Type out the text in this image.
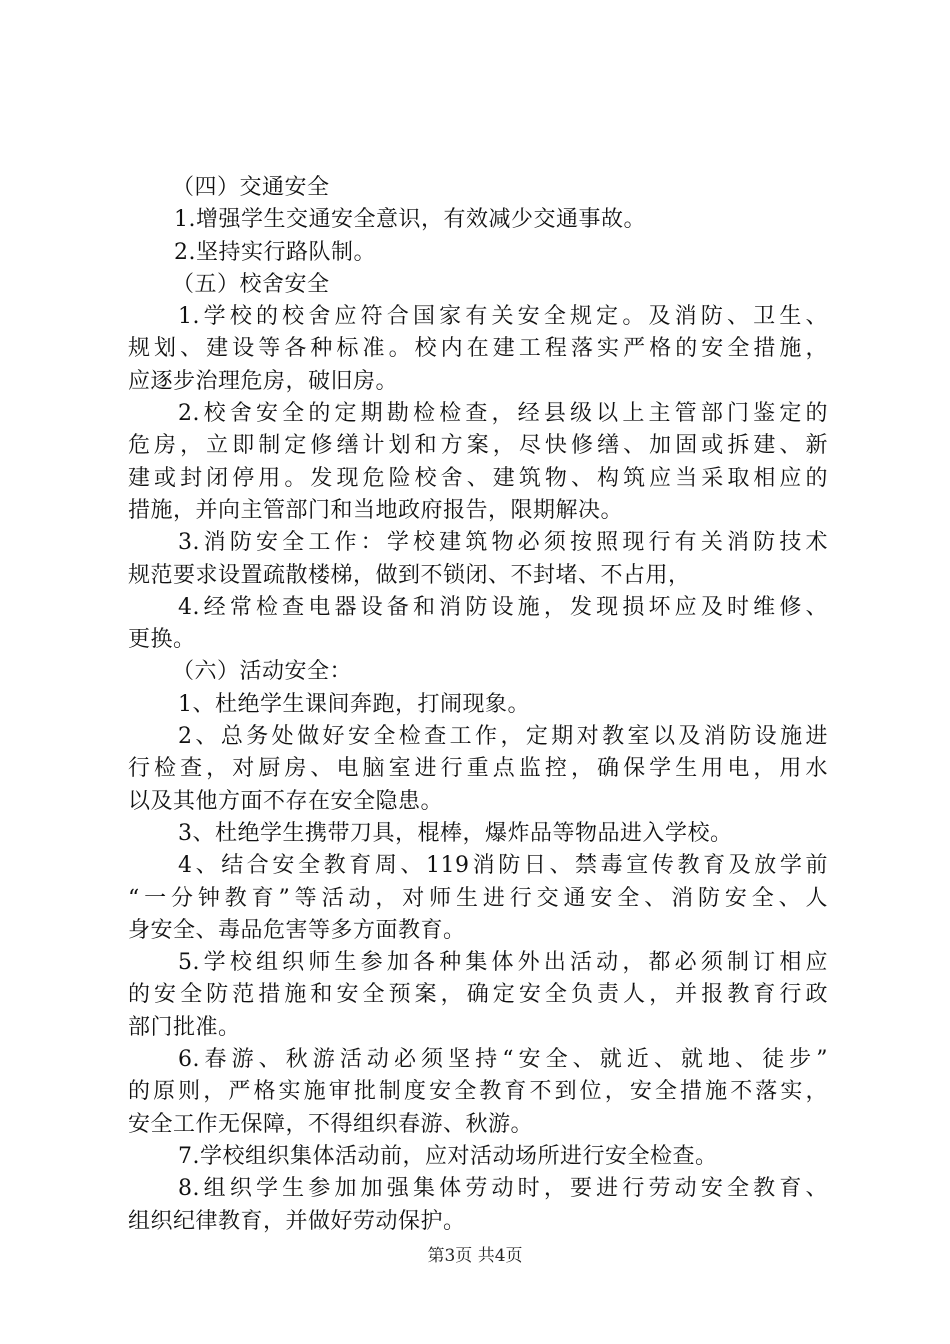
（四）交通安全
1.增强学生交通安全意识，有效减少交通事故。
2.坚持实行路队制。
（五）校舍安全
1.学校的校舍应符合国家有关安全规定。及消防、卫生、
规划、建设等各种标准。校内在建工程落实严格的安全措施，
应逐步治理危房，破旧房。
2.校舍安全的定期勘检检查，经县级以上主管部门鉴定的
危房，立即制定修缮计划和方案，尽快修缮、加固或拆建、新
建或封闭停用。发现危险校舍、建筑物、构筑应当采取相应的
措施，并向主管部门和当地政府报告，限期解决。
3.消防安全工作：学校建筑物必须按照现行有关消防技术
规范要求设置疏散楼梯，做到不锁闭、不封堵、不占用，
4.经常检查电器设备和消防设施，发现损坏应及时维修、
更换。
（六）活动安全：
1、杜绝学生课间奔跑，打闹现象。
2、总务处做好安全检查工作，定期对教室以及消防设施进
行检查，对厨房、电脑室进行重点监控，确保学生用电，用水
以及其他方面不存在安全隐患。
3、杜绝学生携带刀具，棍棒，爆炸品等物品进入学校。
4、结合安全教育周、119消防日、禁毒宣传教育及放学前
“一分钟教育”等活动，对师生进行交通安全、消防安全、人
身安全、毒品危害等多方面教育。
5.学校组织师生参加各种集体外出活动，都必须制订相应
的安全防范措施和安全预案，确定安全负责人，并报教育行政
部门批准。
6.春游、秋游活动必须坚持“安全、就近、就地、徒步”
的原则，严格实施审批制度安全教育不到位，安全措施不落实，
安全工作无保障，不得组织春游、秋游。
7.学校组织集体活动前，应对活动场所进行安全检查。
8.组织学生参加加强集体劳动时，要进行劳动安全教育、
组织纪律教育，并做好劳动保护。
第3页 共4页
